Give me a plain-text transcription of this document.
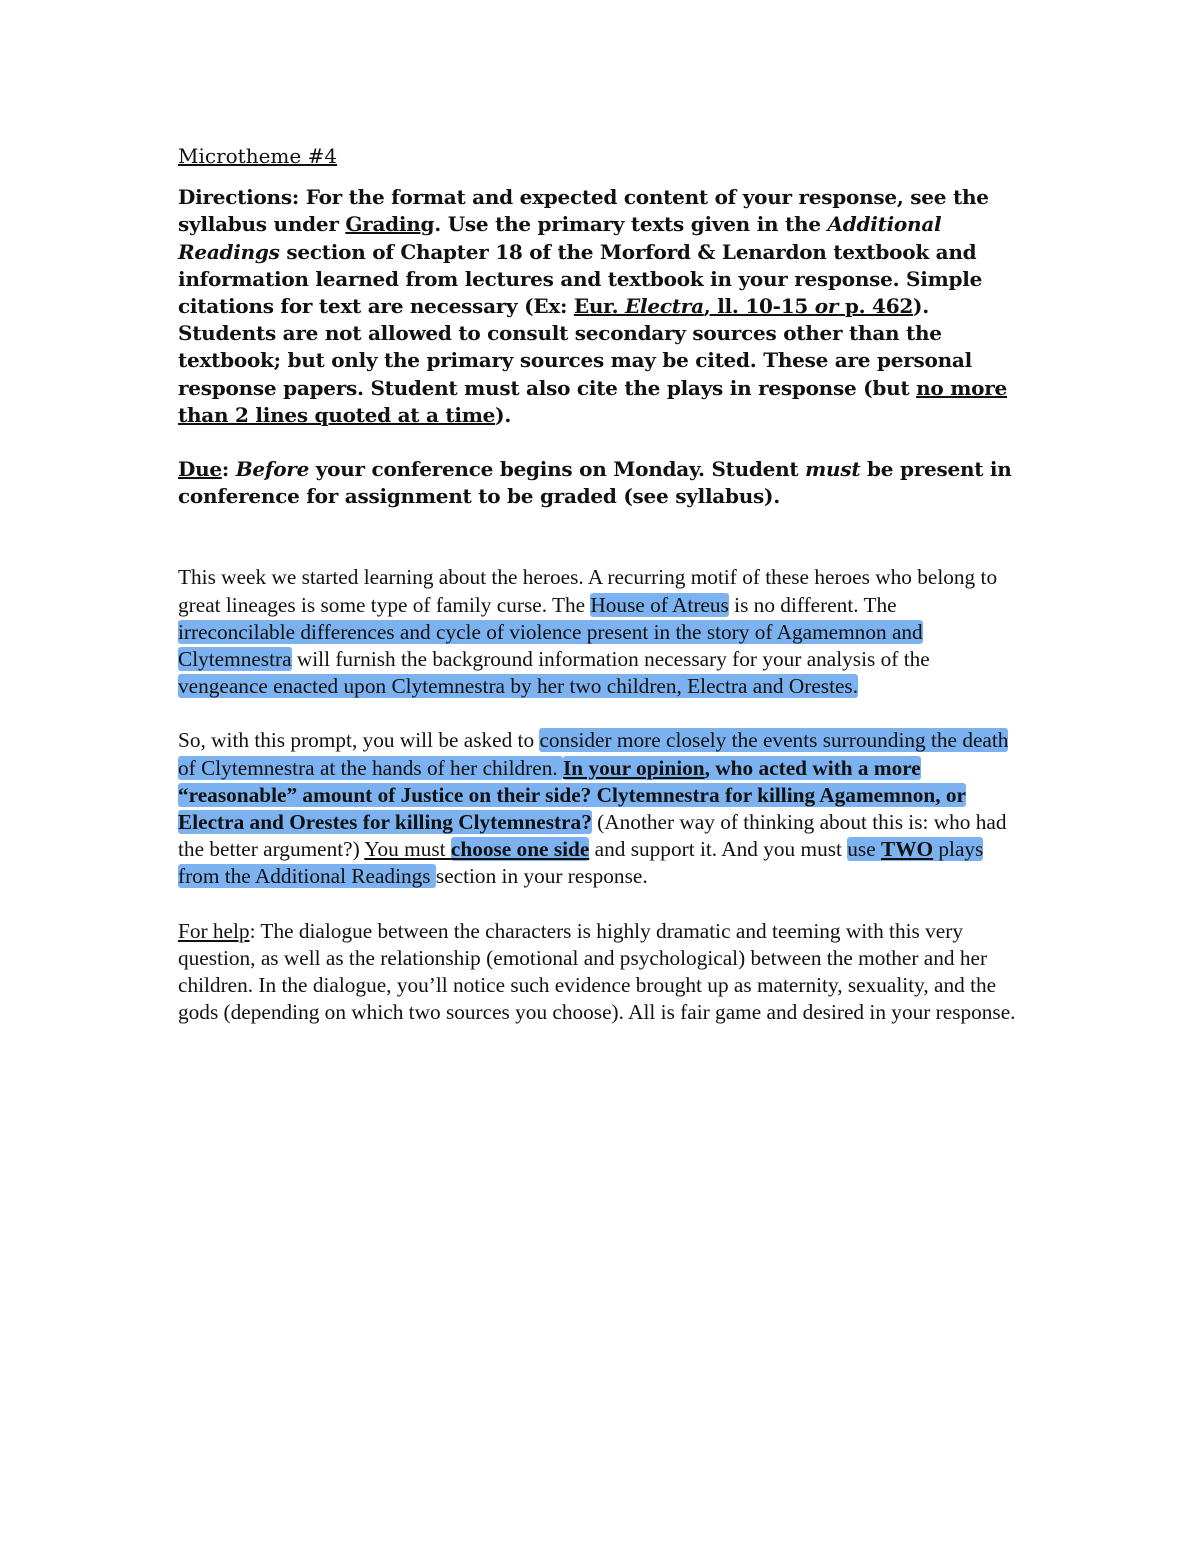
Microtheme #4

Directions: For the format and expected content of your response, see the syllabus under Grading. Use the primary texts given in the Additional Readings section of Chapter 18 of the Morford & Lenardon textbook and information learned from lectures and textbook in your response. Simple citations for text are necessary (Ex: Eur. Electra, ll. 10-15 or p. 462). Students are not allowed to consult secondary sources other than the textbook; but only the primary sources may be cited. These are personal response papers. Student must also cite the plays in response (but no more than 2 lines quoted at a time).

Due: Before your conference begins on Monday. Student must be present in conference for assignment to be graded (see syllabus).

This week we started learning about the heroes. A recurring motif of these heroes who belong to great lineages is some type of family curse. The House of Atreus is no different. The irreconcilable differences and cycle of violence present in the story of Agamemnon and Clytemnestra will furnish the background information necessary for your analysis of the vengeance enacted upon Clytemnestra by her two children, Electra and Orestes.

So, with this prompt, you will be asked to consider more closely the events surrounding the death of Clytemnestra at the hands of her children. In your opinion, who acted with a more “reasonable” amount of Justice on their side? Clytemnestra for killing Agamemnon, or Electra and Orestes for killing Clytemnestra? (Another way of thinking about this is: who had the better argument?) You must choose one side and support it. And you must use TWO plays from the Additional Readings section in your response.

For help: The dialogue between the characters is highly dramatic and teeming with this very question, as well as the relationship (emotional and psychological) between the mother and her children. In the dialogue, you’ll notice such evidence brought up as maternity, sexuality, and the gods (depending on which two sources you choose). All is fair game and desired in your response.
